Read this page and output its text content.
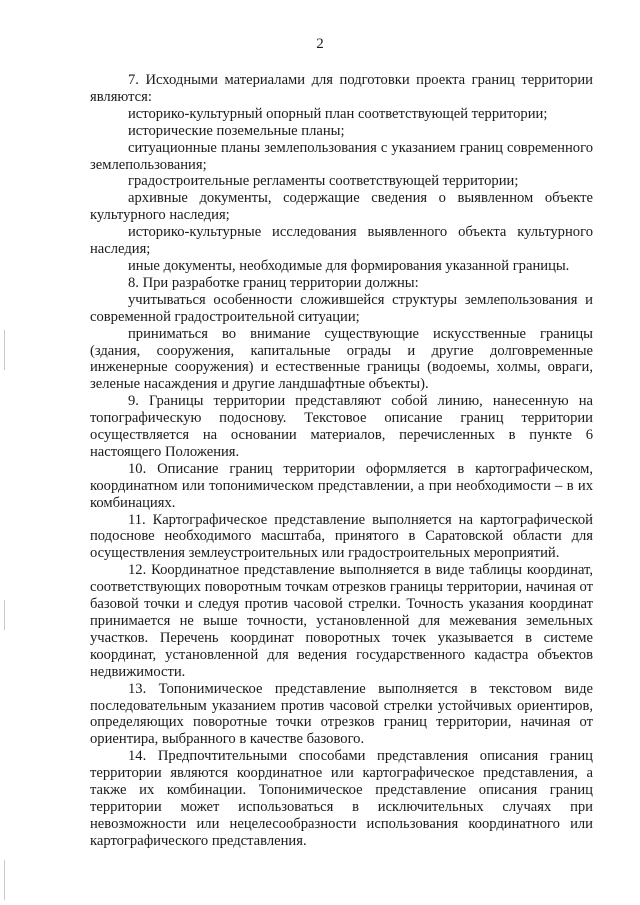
2

7. Исходными материалами для подготовки проекта границ территории являются:

историко-культурный опорный план соответствующей территории;

исторические поземельные планы;

ситуационные планы землепользования с указанием границ современного землепользования;

градостроительные регламенты соответствующей территории;

архивные документы, содержащие сведения о выявленном объекте культурного наследия;

историко-культурные исследования выявленного объекта культурного наследия;

иные документы, необходимые для формирования указанной границы.

8. При разработке границ территории должны:

учитываться особенности сложившейся структуры землепользования и современной градостроительной ситуации;

приниматься во внимание существующие искусственные границы (здания, сооружения, капитальные ограды и другие долговременные инженерные сооружения) и естественные границы (водоемы, холмы, овраги, зеленые насаждения и другие ландшафтные объекты).

9. Границы территории представляют собой линию, нанесенную на топографическую подоснову. Текстовое описание границ территории осуществляется на основании материалов, перечисленных в пункте 6 настоящего Положения.

10. Описание границ территории оформляется в картографическом, координатном или топонимическом представлении, а при необходимости – в их комбинациях.

11. Картографическое представление выполняется на картографической подоснове необходимого масштаба, принятого в Саратовской области для осуществления землеустроительных или градостроительных мероприятий.

12. Координатное представление выполняется в виде таблицы координат, соответствующих поворотным точкам отрезков границы территории, начиная от базовой точки и следуя против часовой стрелки. Точность указания координат принимается не выше точности, установленной для межевания земельных участков. Перечень координат поворотных точек указывается в системе координат, установленной для ведения государственного кадастра объектов недвижимости.

13. Топонимическое представление выполняется в текстовом виде последовательным указанием против часовой стрелки устойчивых ориентиров, определяющих поворотные точки отрезков границ территории, начиная от ориентира, выбранного в качестве базового.

14. Предпочтительными способами представления описания границ территории являются координатное или картографическое представления, а также их комбинации. Топонимическое представление описания границ территории может использоваться в исключительных случаях при невозможности или нецелесообразности использования координатного или картографического представления.
